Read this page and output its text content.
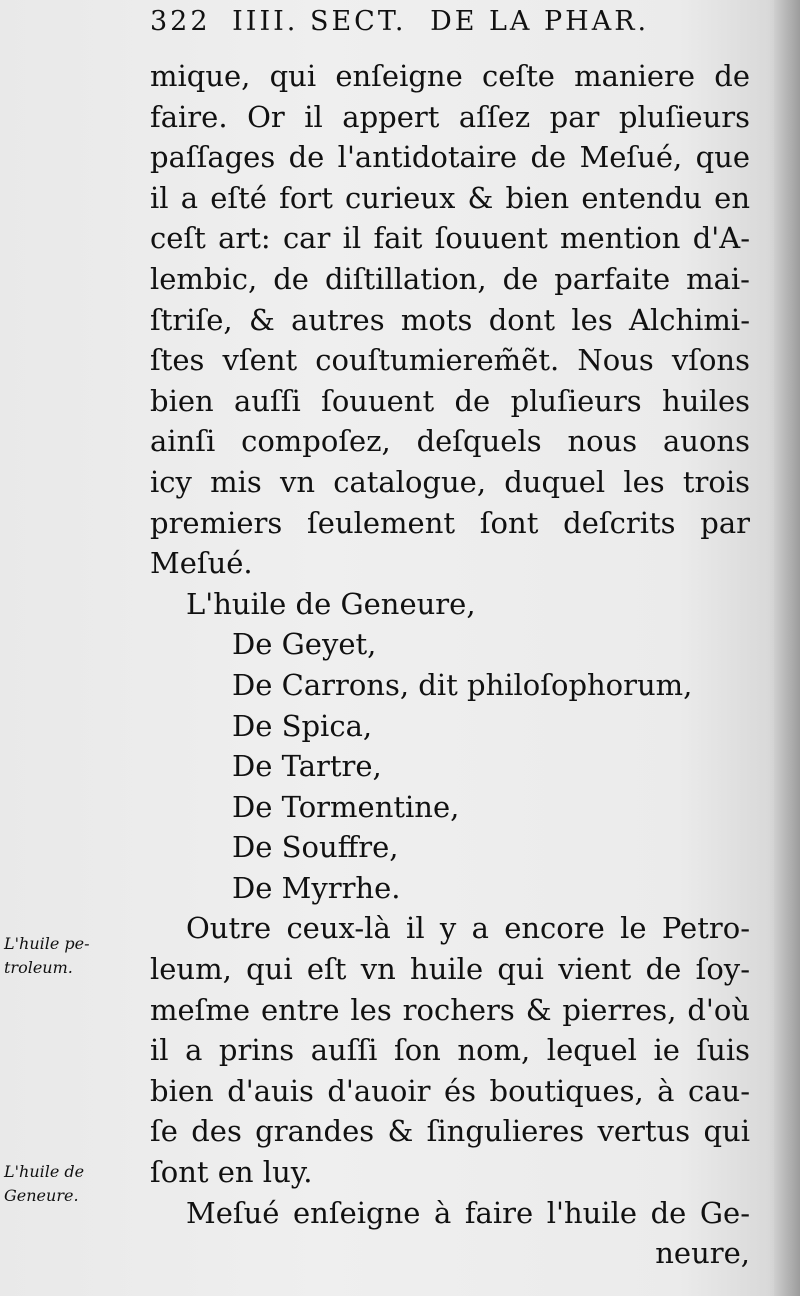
322 IIII. SECT. DE LA PHAR.
mique, qui enſeigne ceſte maniere de
faire. Or il appert aſſez par pluſieurs
paſſages de l'antidotaire de Meſué, que
il a eſté fort curieux & bien entendu en
ceſt art: car il fait ſouuent mention d'A-
lembic, de diſtillation, de parfaite mai-
ſtriſe, & autres mots dont les Alchimi-
ſtes vſent couſtumierem̃ẽt. Nous vſons
bien auſſi ſouuent de pluſieurs huiles
ainſi compoſez, deſquels nous auons
icy mis vn catalogue, duquel les trois
premiers ſeulement ſont deſcrits par
Meſué.
L'huile de Geneure,
De Geyet,
De Carrons, dit philoſophorum,
De Spica,
De Tartre,
De Tormentine,
De Souffre,
De Myrrhe.
Outre ceux-là il y a encore le Petro-
leum, qui eſt vn huile qui vient de ſoy-
meſme entre les rochers & pierres, d'où
il a prins auſſi ſon nom, lequel ie ſuis
bien d'auis d'auoir és boutiques, à cau-
ſe des grandes & ſingulieres vertus qui
ſont en luy.
Meſué enſeigne à faire l'huile de Ge-
neure,
L'huile pe-
troleum.
L'huile de
Geneure.
